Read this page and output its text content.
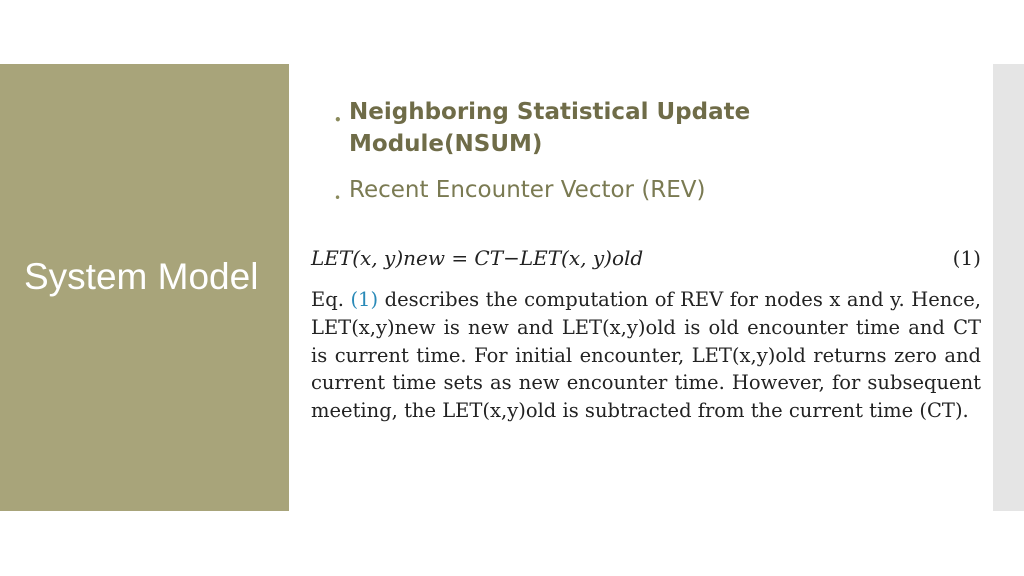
System Model
• Neighboring Statistical Update Module(NSUM)
• Recent Encounter Vector (REV)
LET(x, y)new = CT−LET(x, y)old	(1)
Eq. (1) describes the computation of REV for nodes x and y. Hence, LET(x,y)new is new and LET(x,y)old is old encounter time and CT is current time. For initial encounter, LET(x,y)old returns zero and current time sets as new encounter time. However, for subsequent meeting, the LET(x,y)old is subtracted from the current time (CT).
